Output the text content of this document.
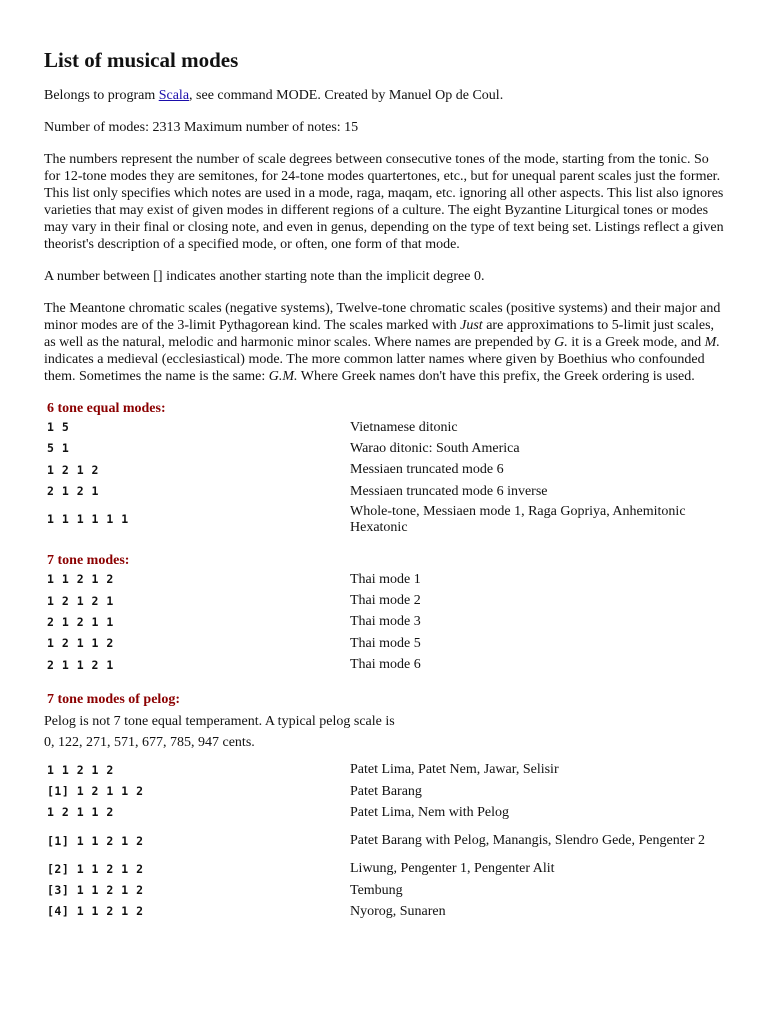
List of musical modes

Belongs to program Scala, see command MODE. Created by Manuel Op de Coul.

Number of modes: 2313 Maximum number of notes: 15

The numbers represent the number of scale degrees between consecutive tones of the mode, starting from the tonic. So for 12-tone modes they are semitones, for 24-tone modes quartertones, etc., but for unequal parent scales just the former. This list only specifies which notes are used in a mode, raga, maqam, etc. ignoring all other aspects. This list also ignores varieties that may exist of given modes in different regions of a culture. The eight Byzantine Liturgical tones or modes may vary in their final or closing note, and even in genus, depending on the type of text being set. Listings reflect a given theorist's description of a specified mode, or often, one form of that mode.

A number between [] indicates another starting note than the implicit degree 0.

The Meantone chromatic scales (negative systems), Twelve-tone chromatic scales (positive systems) and their major and minor modes are of the 3-limit Pythagorean kind. The scales marked with Just are approximations to 5-limit just scales, as well as the natural, melodic and harmonic minor scales. Where names are prepended by G. it is a Greek mode, and M. indicates a medieval (ecclesiastical) mode. The more common latter names where given by Boethius who confounded them. Sometimes the name is the same: G.M. Where Greek names don't have this prefix, the Greek ordering is used.

6 tone equal modes:
1 5	Vietnamese ditonic
5 1	Warao ditonic: South America
1 2 1 2	Messiaen truncated mode 6
2 1 2 1	Messiaen truncated mode 6 inverse
1 1 1 1 1 1	Whole-tone, Messiaen mode 1, Raga Gopriya, Anhemitonic Hexatonic
7 tone modes:
1 1 2 1 2	Thai mode 1
1 2 1 2 1	Thai mode 2
2 1 2 1 1	Thai mode 3
1 2 1 1 2	Thai mode 5
2 1 1 2 1	Thai mode 6
7 tone modes of pelog:
Pelog is not 7 tone equal temperament. A typical pelog scale is
0, 122, 271, 571, 677, 785, 947 cents.
1 1 2 1 2	Patet Lima, Patet Nem, Jawar, Selisir
[1] 1 2 1 1 2	Patet Barang
1 2 1 1 2	Patet Lima, Nem with Pelog
[1] 1 1 2 1 2	Patet Barang with Pelog, Manangis, Slendro Gede, Pengenter 2
[2] 1 1 2 1 2	Liwung, Pengenter 1, Pengenter Alit
[3] 1 1 2 1 2	Tembung
[4] 1 1 2 1 2	Nyorog, Sunaren
